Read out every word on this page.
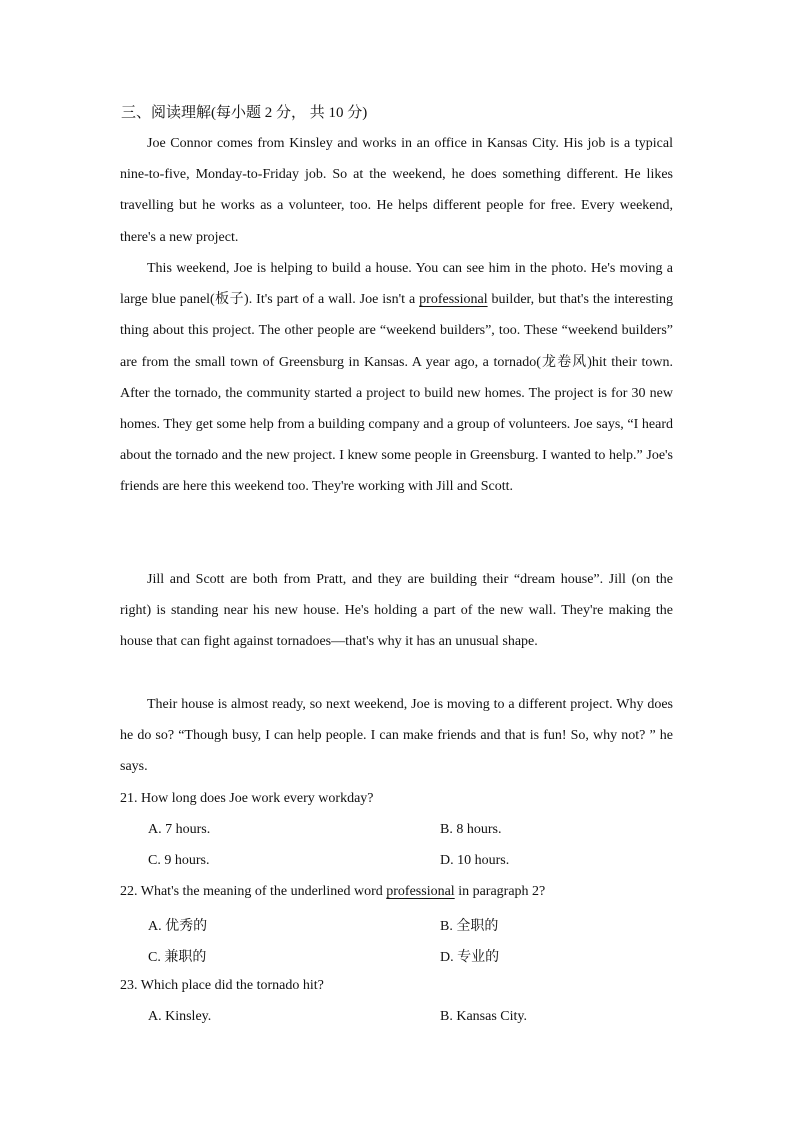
三、阅读理解(每小题 2 分， 共 10 分)

Joe Connor comes from Kinsley and works in an office in Kansas City. His job is a typical nine-to-five, Monday-to-Friday job. So at the weekend, he does something different. He likes travelling but he works as a volunteer, too. He helps different people for free. Every weekend, there's a new project.

This weekend, Joe is helping to build a house. You can see him in the photo. He's moving a large blue panel(板子). It's part of a wall. Joe isn't a professional builder, but that's the interesting thing about this project. The other people are “weekend builders”, too. These “weekend builders” are from the small town of Greensburg in Kansas. A year ago, a tornado(龙卷风)hit their town. After the tornado, the community started a project to build new homes. The project is for 30 new homes. They get some help from a building company and a group of volunteers. Joe says, “I heard about the tornado and the new project. I knew some people in Greensburg. I wanted to help.” Joe's friends are here this weekend too. They're working with Jill and Scott.

Jill and Scott are both from Pratt, and they are building their “dream house”. Jill (on the right) is standing near his new house. He's holding a part of the new wall. They're making the house that can fight against tornadoes—that's why it has an unusual shape.

Their house is almost ready, so next weekend, Joe is moving to a different project. Why does he do so? “Though busy, I can help people. I can make friends and that is fun! So, why not? ” he says.

21. How long does Joe work every workday?
A. 7 hours.	B. 8 hours.
C. 9 hours.	D. 10 hours.
22. What's the meaning of the underlined word professional in paragraph 2?
A. 优秀的	B. 全职的
C. 兼职的	D. 专业的
23. Which place did the tornado hit?
A. Kinsley.	B. Kansas City.
